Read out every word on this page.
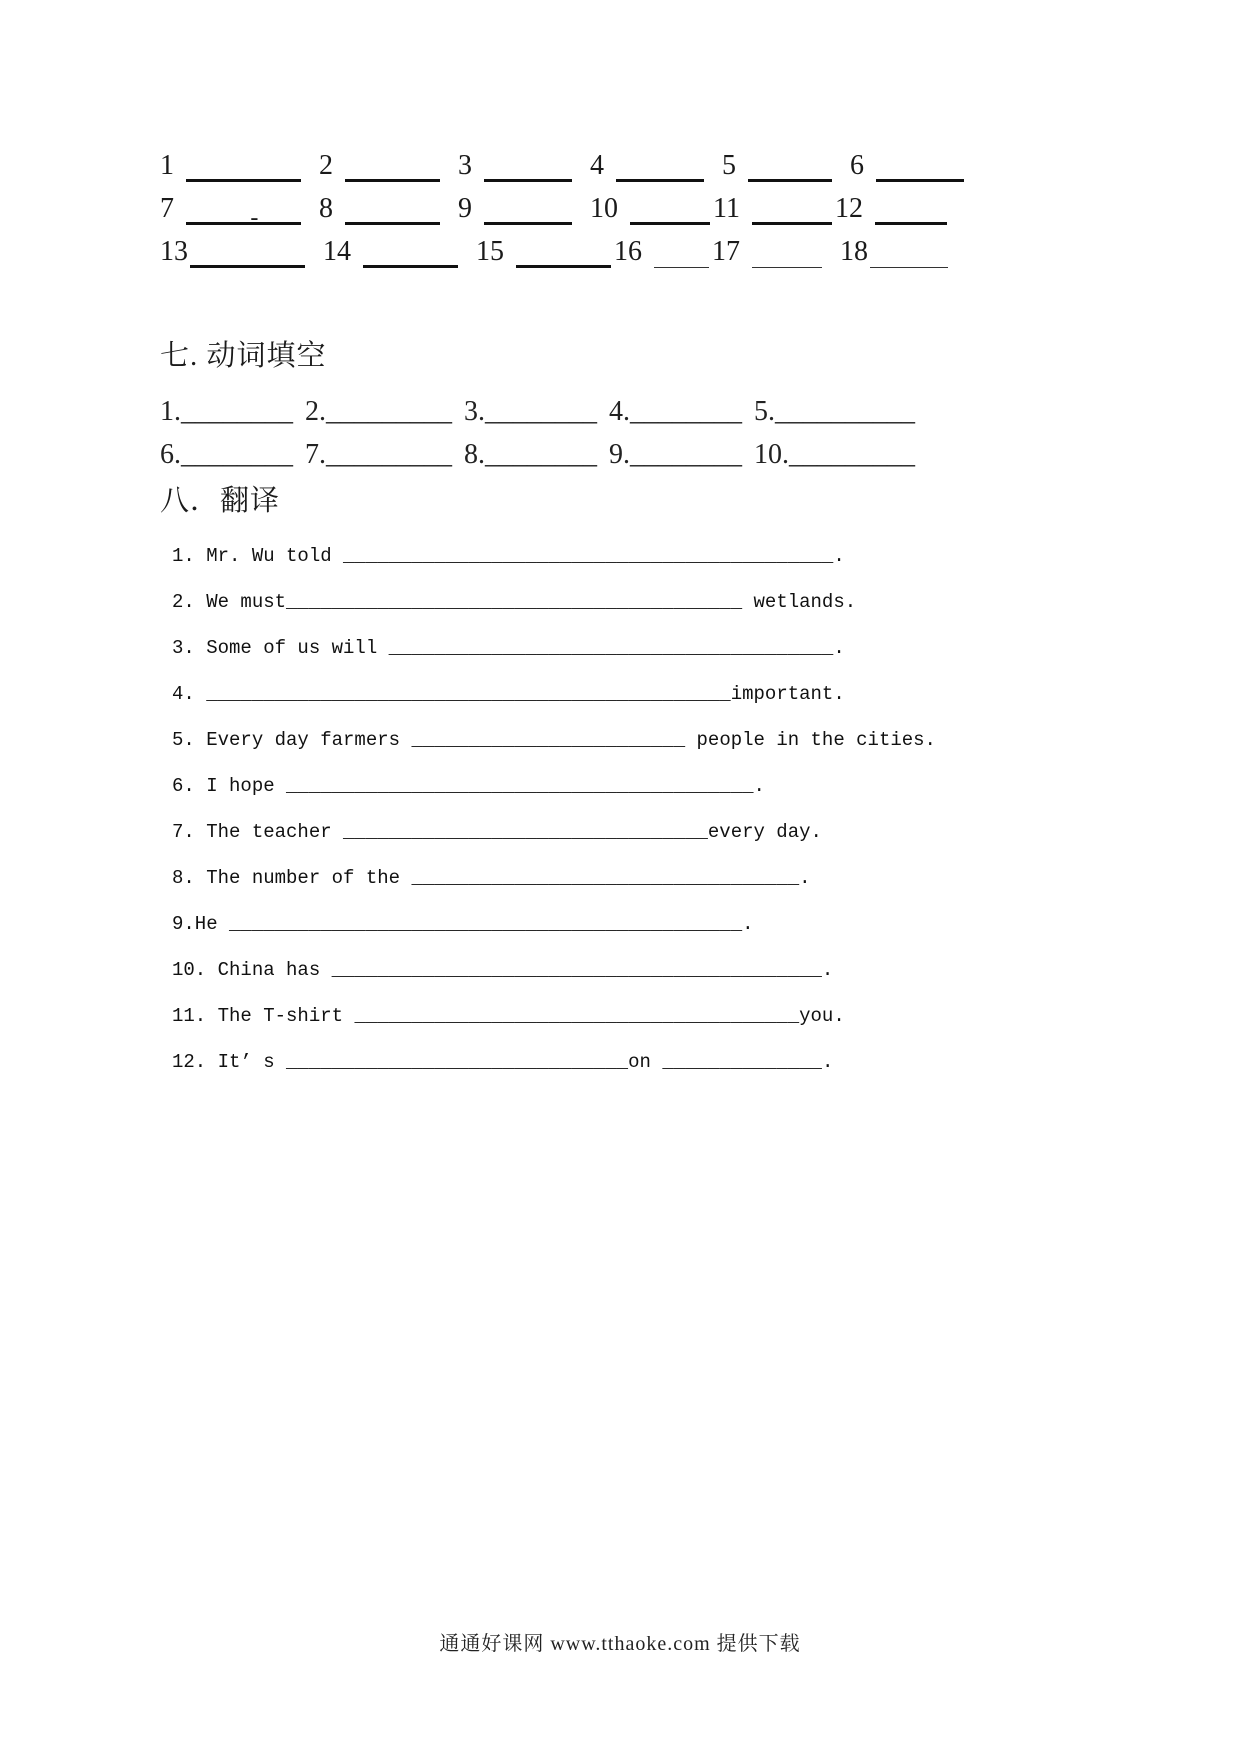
1	2	3	4	5	6
7	- 8	9	10	11	12
13	14	15	16	17	18
七. 动词填空
1.________ 2._________ 3.________ 4.________ 5.__________
6.________ 7._________ 8.________ 9.________ 10._________
八．翻译
1. Mr. Wu told ___________________________________________.
2. We must________________________________________ wetlands.
3. Some of us will _______________________________________.
4. ______________________________________________important.
5. Every day farmers ________________________ people in the cities.
6. I hope _________________________________________.
7. The teacher ________________________________every day.
8. The number of the __________________________________.
9.He _____________________________________________.
10. China has ___________________________________________.
11. The T-shirt _______________________________________you.
12. It’ s ______________________________on ______________.
通通好课网 www.tthaoke.com 提供下载
